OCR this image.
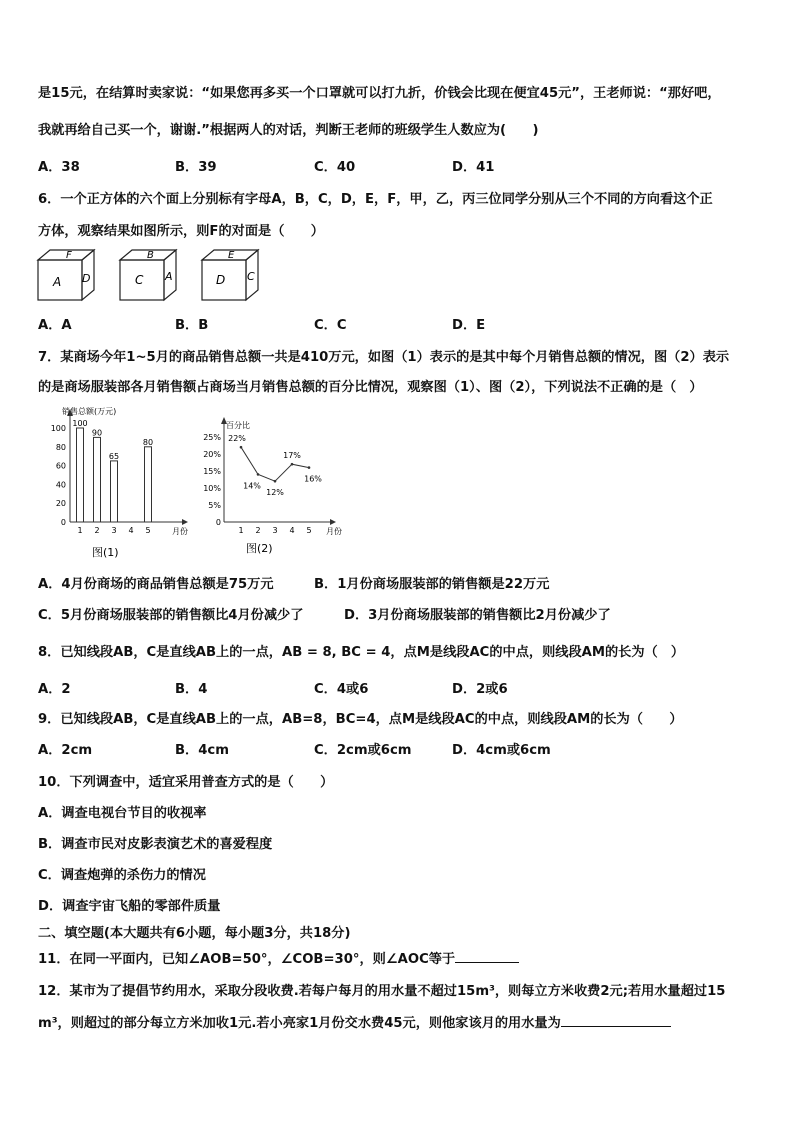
是15元，在结算时卖家说：“如果您再多买一个口罩就可以打九折，价钱会比现在便宜45元”，王老师说：“那好吧，
我就再给自己买一个，谢谢.”根据两人的对话，判断王老师的班级学生人数应为(　　)
A．38	B．39	C．40	D．41
6．一个正方体的六个面上分别标有字母A，B，C，D，E，F，甲，乙，丙三位同学分别从三个不同的方向看这个正
方体，观察结果如图所示，则F的对面是（　　）
F
A D
B
C A
E
D C
A．A	B．B	C．C	D．E
7．某商场今年1~5月的商品销售总额一共是410万元，如图（1）表示的是其中每个月销售总额的情况，图（2）表示
的是商场服装部各月销售额占商场当月销售总额的百分比情况，观察图（1）、图（2），下列说法不正确的是（　）
销售总额(万元)
0
20
40
60
80
100
1
100
2
90
3
65
4 5
80
月份
图(1)
百分比
0
5%
10%
15%
20%
25%
1 2 3 4 5
22%
14%
12%
17%
16%
月份
图(2)
A．4月份商场的商品销售总额是75万元	B．1月份商场服装部的销售额是22万元
C．5月份商场服装部的销售额比4月份减少了	D．3月份商场服装部的销售额比2月份减少了
8．已知线段AB，C是直线AB上的一点，AB = 8, BC = 4，点M是线段AC的中点，则线段AM的长为（　）
A．2	B．4	C．4或6	D．2或6
9．已知线段AB，C是直线AB上的一点，AB=8，BC=4，点M是线段AC的中点，则线段AM的长为（　　）
A．2cm	B．4cm	C．2cm或6cm	D．4cm或6cm
10．下列调查中，适宜采用普查方式的是（　　）
A．调查电视台节目的收视率
B．调查市民对皮影表演艺术的喜爱程度
C．调查炮弹的杀伤力的情况
D．调查宇宙飞船的零部件质量
二、填空题(本大题共有6小题，每小题3分，共18分)
11．在同一平面内，已知∠AOB=50°，∠COB=30°，则∠AOC等于
12．某市为了提倡节约用水，采取分段收费.若每户每月的用水量不超过15m³，则每立方米收费2元;若用水量超过15
m³，则超过的部分每立方米加收1元.若小亮家1月份交水费45元，则他家该月的用水量为
